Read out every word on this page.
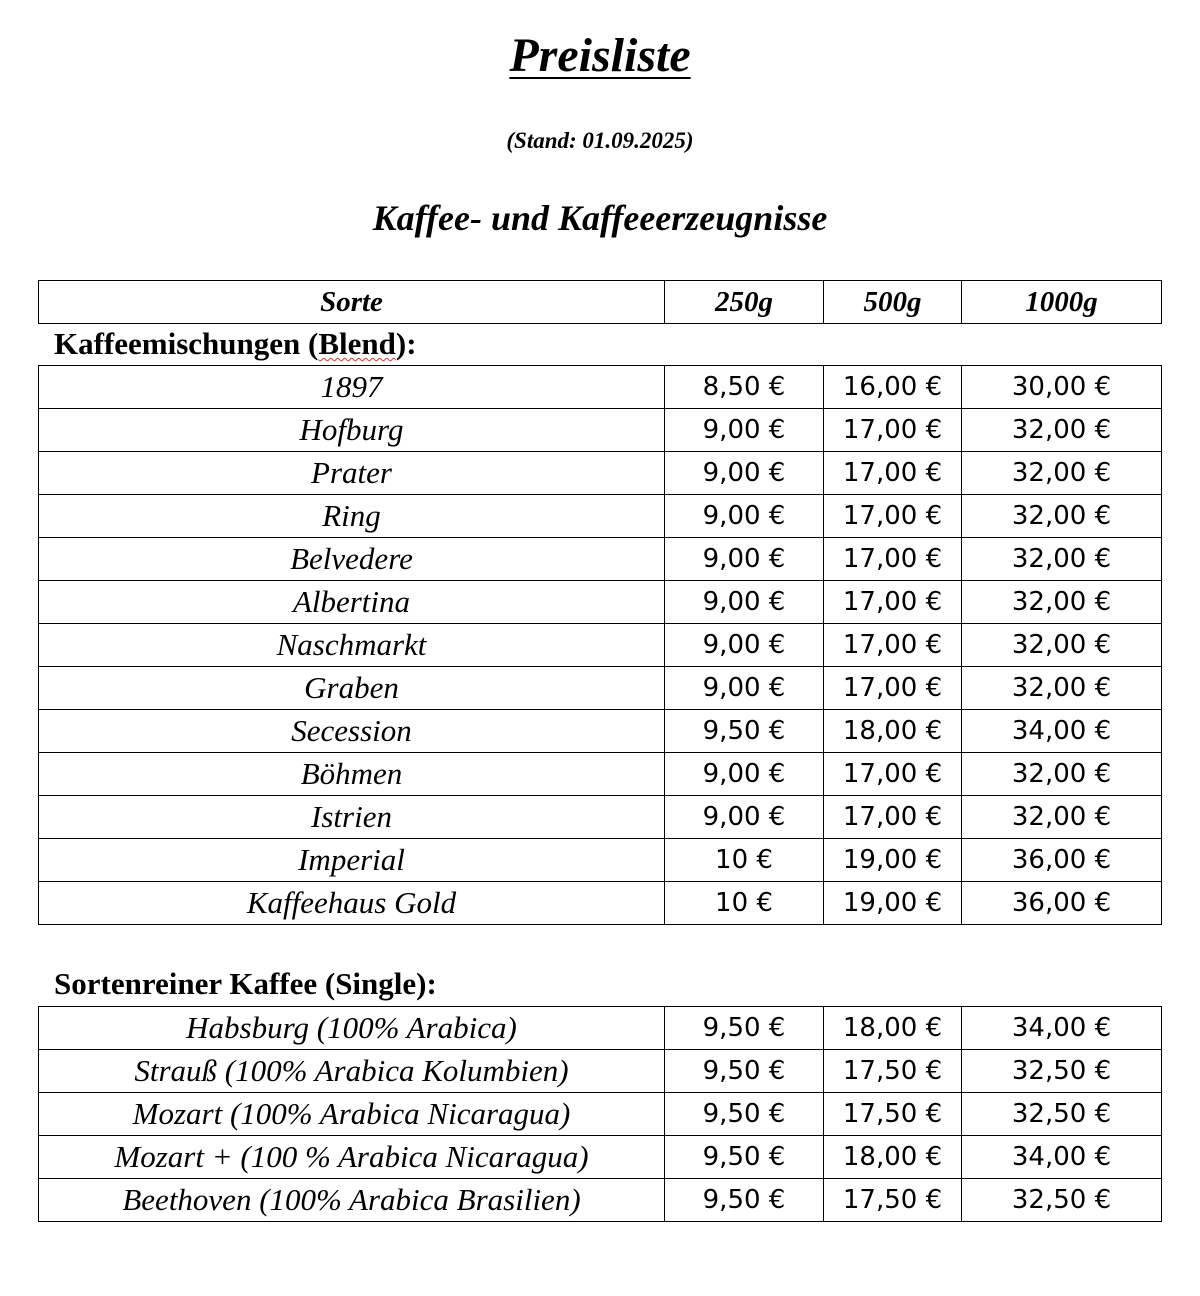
Preisliste
(Stand: 01.09.2025)
Kaffee- und Kaffeeerzeugnisse
Sorte	250g	500g	1000g
Kaffeemischungen (Blend):
1897	8,50 €	16,00 €	30,00 €
Hofburg	9,00 €	17,00 €	32,00 €
Prater	9,00 €	17,00 €	32,00 €
Ring	9,00 €	17,00 €	32,00 €
Belvedere	9,00 €	17,00 €	32,00 €
Albertina	9,00 €	17,00 €	32,00 €
Naschmarkt	9,00 €	17,00 €	32,00 €
Graben	9,00 €	17,00 €	32,00 €
Secession	9,50 €	18,00 €	34,00 €
Böhmen	9,00 €	17,00 €	32,00 €
Istrien	9,00 €	17,00 €	32,00 €
Imperial	10 €	19,00 €	36,00 €
Kaffeehaus Gold	10 €	19,00 €	36,00 €
Sortenreiner Kaffee (Single):
Habsburg (100% Arabica)	9,50 €	18,00 €	34,00 €
Strauß (100% Arabica Kolumbien)	9,50 €	17,50 €	32,50 €
Mozart (100% Arabica Nicaragua)	9,50 €	17,50 €	32,50 €
Mozart + (100 % Arabica Nicaragua)	9,50 €	18,00 €	34,00 €
Beethoven (100% Arabica Brasilien)	9,50 €	17,50 €	32,50 €
